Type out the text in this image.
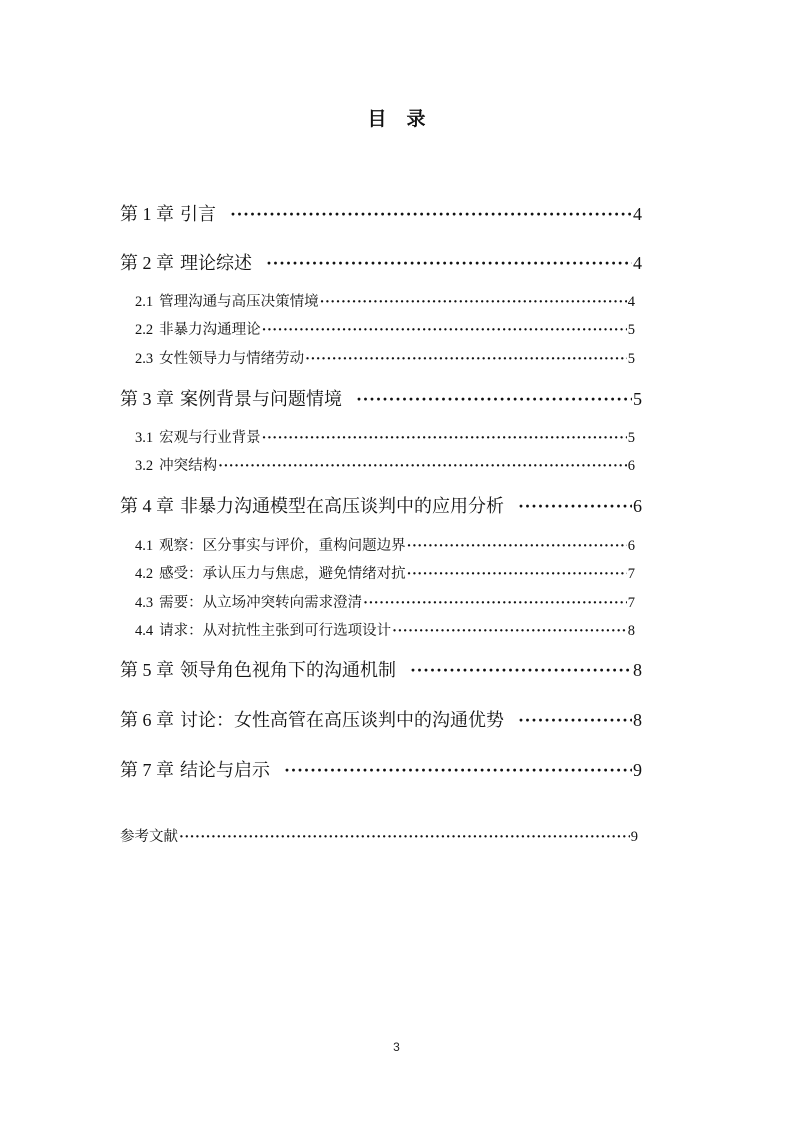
目录
第 1 章 引言 ·····	4
第 2 章 理论综述 ·····	4
2.1 管理沟通与高压决策情境 ·····	4
2.2 非暴力沟通理论 ·····	5
2.3 女性领导力与情绪劳动 ·····	5
第 3 章 案例背景与问题情境 ·····	5
3.1 宏观与行业背景 ·····	5
3.2 冲突结构 ·····	6
第 4 章 非暴力沟通模型在高压谈判中的应用分析 ·····	6
4.1 观察：区分事实与评价，重构问题边界 ·····	6
4.2 感受：承认压力与焦虑，避免情绪对抗 ·····	7
4.3 需要：从立场冲突转向需求澄清 ·····	7
4.4 请求：从对抗性主张到可行选项设计 ·····	8
第 5 章 领导角色视角下的沟通机制 ·····	8
第 6 章 讨论：女性高管在高压谈判中的沟通优势 ·····	8
第 7 章 结论与启示 ·····	9
参考文献 ·····	9
3
